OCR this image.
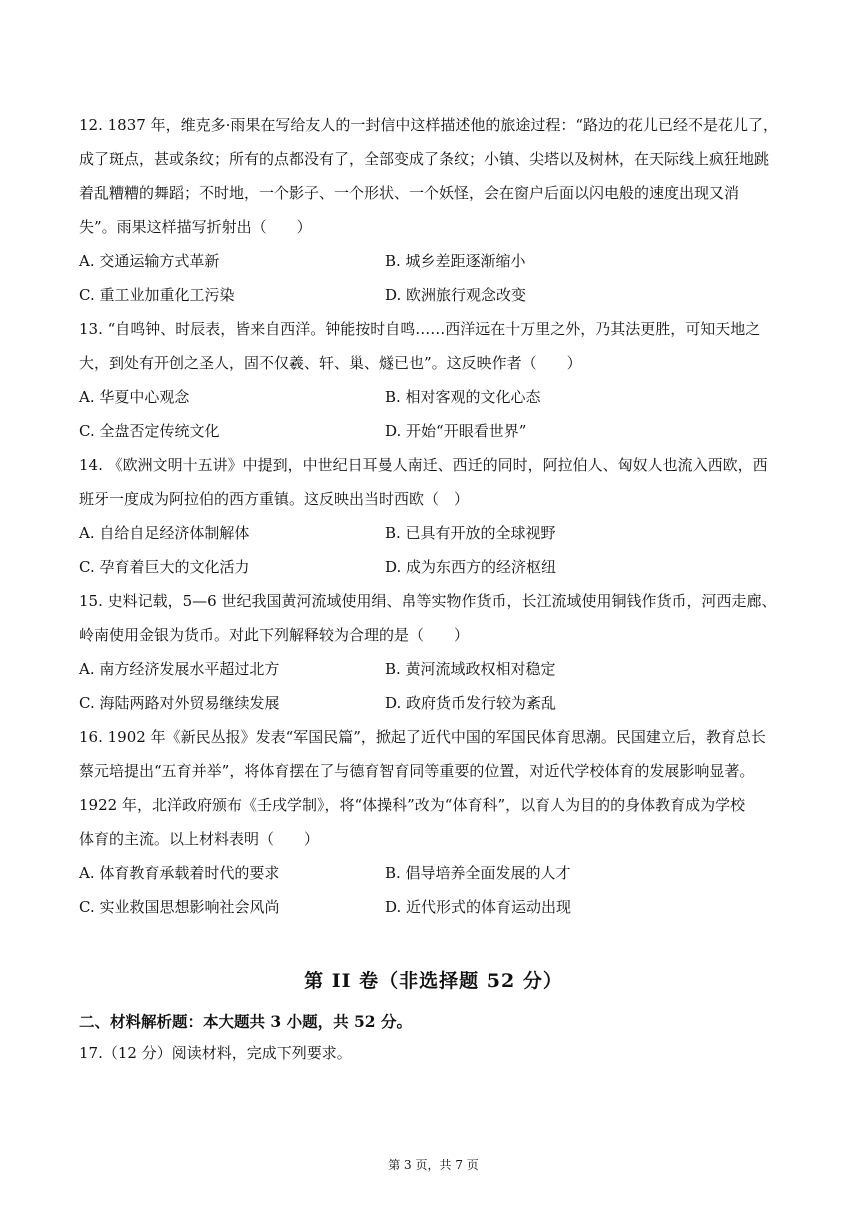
12. 1837 年，维克多·雨果在写给友人的一封信中这样描述他的旅途过程：“路边的花儿已经不是花儿了，
成了斑点，甚或条纹；所有的点都没有了，全部变成了条纹；小镇、尖塔以及树林，在天际线上疯狂地跳
着乱糟糟的舞蹈；不时地，一个影子、一个形状、一个妖怪，会在窗户后面以闪电般的速度出现又消
失”。雨果这样描写折射出（　　）

A. 交通运输方式革新	B. 城乡差距逐渐缩小
C. 重工业加重化工污染	D. 欧洲旅行观念改变

13. “自鸣钟、时辰表，皆来自西洋。钟能按时自鸣……西洋远在十万里之外，乃其法更胜，可知天地之
大，到处有开创之圣人，固不仅羲、轩、巢、燧已也”。这反映作者（　　）

A. 华夏中心观念	B. 相对客观的文化心态
C. 全盘否定传统文化	D. 开始“开眼看世界”

14. 《欧洲文明十五讲》中提到，中世纪日耳曼人南迁、西迁的同时，阿拉伯人、匈奴人也流入西欧，西
班牙一度成为阿拉伯的西方重镇。这反映出当时西欧（　）

A. 自给自足经济体制解体	B. 已具有开放的全球视野
C. 孕育着巨大的文化活力	D. 成为东西方的经济枢纽

15. 史料记载，5—6 世纪我国黄河流域使用绢、帛等实物作货币，长江流域使用铜钱作货币，河西走廊、
岭南使用金银为货币。对此下列解释较为合理的是（　　）

A. 南方经济发展水平超过北方	B. 黄河流域政权相对稳定
C. 海陆两路对外贸易继续发展	D. 政府货币发行较为紊乱

16. 1902 年《新民丛报》发表“军国民篇”，掀起了近代中国的军国民体育思潮。民国建立后，教育总长
蔡元培提出“五育并举”，将体育摆在了与德育智育同等重要的位置，对近代学校体育的发展影响显著。
1922 年，北洋政府颁布《壬戌学制》，将“体操科”改为“体育科”，以育人为目的的身体教育成为学校
体育的主流。以上材料表明（　　）

A. 体育教育承载着时代的要求	B. 倡导培养全面发展的人才
C. 实业救国思想影响社会风尚	D. 近代形式的体育运动出现
第 II 卷（非选择题 52 分）
二、材料解析题：本大题共 3 小题，共 52 分。
17.（12 分）阅读材料，完成下列要求。
第 3 页，共 7 页
